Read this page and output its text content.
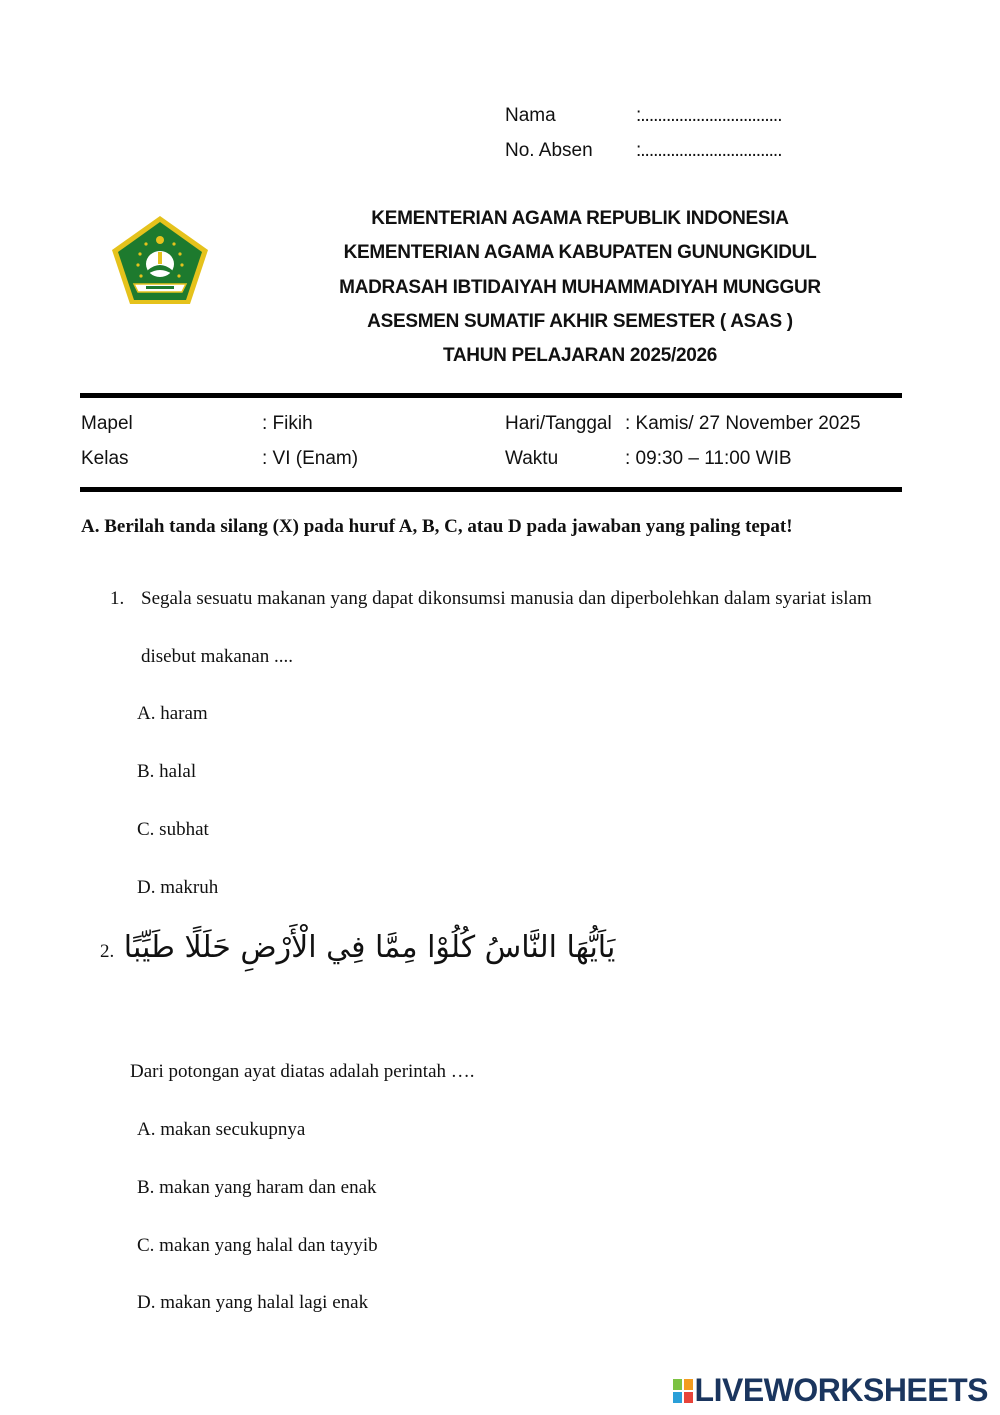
Nama	:.................................
No. Absen :.................................
KEMENTERIAN AGAMA REPUBLIK INDONESIA
KEMENTERIAN AGAMA KABUPATEN GUNUNGKIDUL
MADRASAH IBTIDAIYAH MUHAMMADIYAH MUNGGUR
ASESMEN SUMATIF AKHIR SEMESTER ( ASAS )
TAHUN PELAJARAN 2025/2026
Mapel	: Fikih	Hari/Tanggal : Kamis/ 27 November 2025
Kelas	: VI (Enam)	Waktu	: 09:30 – 11:00 WIB
A. Berilah tanda silang (X) pada huruf A, B, C, atau D pada jawaban yang paling tepat!
1. Segala sesuatu makanan yang dapat dikonsumsi manusia dan diperbolehkan dalam syariat islam
disebut makanan ....
A. haram
B. halal
C. subhat
D. makruh
2. يَاَيُّهَا النَّاسُ كُلُوْا مِمَّا فِي الْأَرْضِ حَلَلًا طَيِّبًا
Dari potongan ayat diatas adalah perintah ….
A. makan secukupnya
B. makan yang haram dan enak
C. makan yang halal dan tayyib
D. makan yang halal lagi enak
LIVEWORKSHEETS
